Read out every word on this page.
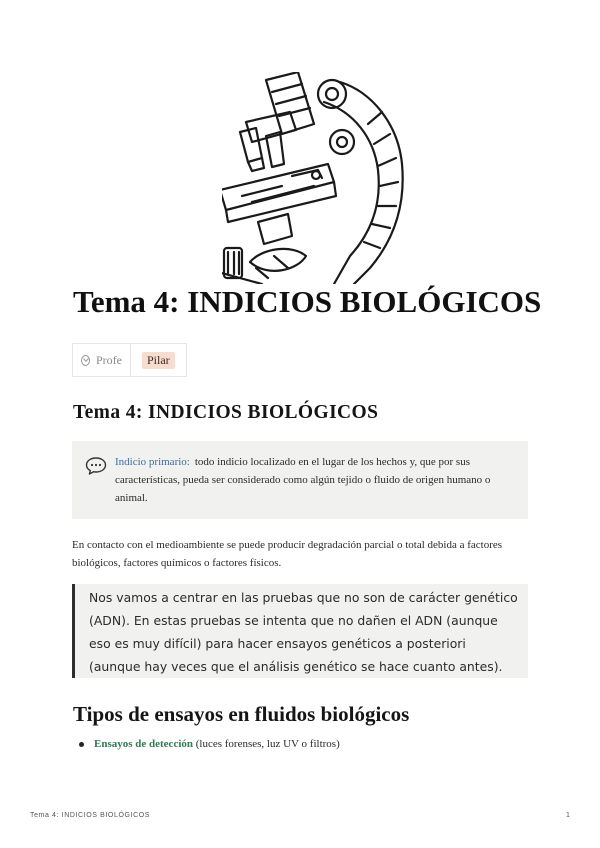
Tema 4: INDICIOS BIOLÓGICOS
Profe	Pilar
Tema 4: INDICIOS BIOLÓGICOS
Indicio primario: todo indicio localizado en el lugar de los hechos y, que por sus características, pueda ser considerado como algún tejido o fluido de origen humano o animal.
En contacto con el medioambiente se puede producir degradación parcial o total debida a factores biológicos, factores químicos o factores físicos.
Nos vamos a centrar en las pruebas que no son de carácter genético (ADN). En estas pruebas se intenta que no dañen el ADN (aunque eso es muy difícil) para hacer ensayos genéticos a posteriori (aunque hay veces que el análisis genético se hace cuanto antes).
Tipos de ensayos en fluidos biológicos
Ensayos de detección (luces forenses, luz UV o filtros)
Tema 4: INDICIOS BIOLÓGICOS	1
